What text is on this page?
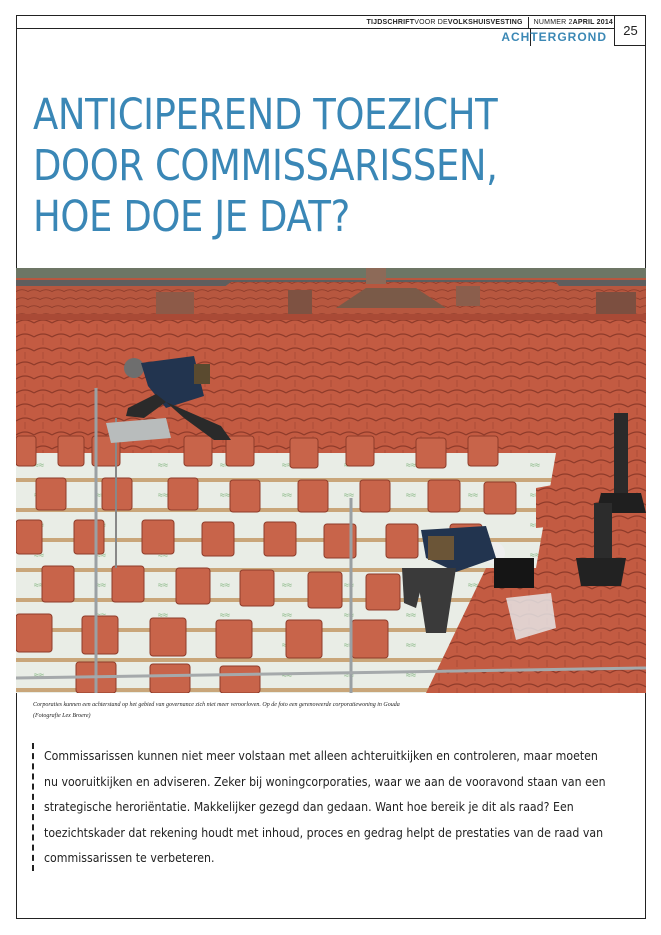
TIJDSCHRIFT VOOR DE VOLKSHUISVESTING NUMMER 2 APRIL 2014
ACHTERGROND	25
ANTICIPEREND TOEZICHT
DOOR COMMISSARISSEN,
HOE DOE JE DAT?
Corporaties kunnen een achterstand op het gebied van governance zich niet meer veroorloven. Op de foto een gerenoveerde corporatiewoning in Gouda
(Fotografie Lex Broere)
Commissarissen kunnen niet meer volstaan met alleen achteruitkijken en controleren, maar moeten
nu vooruitkijken en adviseren. Zeker bij woningcorporaties, waar we aan de vooravond staan van een
strategische heroriëntatie. Makkelijker gezegd dan gedaan. Want hoe bereik je dit als raad? Een
toezichtskader dat rekening houdt met inhoud, proces en gedrag helpt de prestaties van de raad van
commissarissen te verbeteren.
